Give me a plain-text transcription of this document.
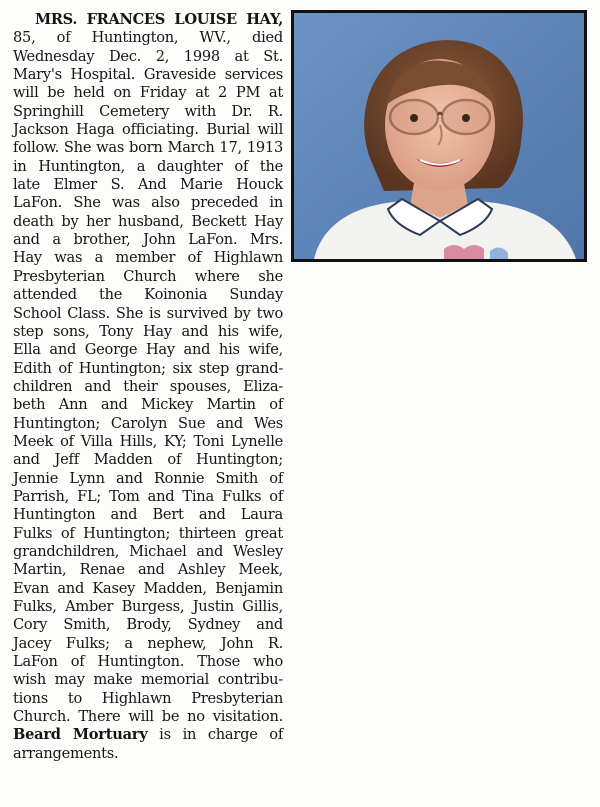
MRS. FRANCES LOUISE HAY,
85, of Huntington, WV., died
Wednesday Dec. 2, 1998 at St.
Mary's Hospital. Graveside services
will be held on Friday at 2 PM at
Springhill Cemetery with Dr. R.
Jackson Haga officiating. Burial will
follow. She was born March 17, 1913
in Huntington, a daughter of the
late Elmer S. And Marie Houck
LaFon. She was also preceded in
death by her husband, Beckett Hay
and a brother, John LaFon. Mrs.
Hay was a member of Highlawn
Presbyterian Church where she
attended the Koinonia Sunday
School Class. She is survived by two
step sons, Tony Hay and his wife,
Ella and George Hay and his wife,
Edith of Huntington; six step grand-
children and their spouses, Eliza-
beth Ann and Mickey Martin of
Huntington; Carolyn Sue and Wes
Meek of Villa Hills, KY; Toni Lynelle
and Jeff Madden of Huntington;
Jennie Lynn and Ronnie Smith of
Parrish, FL; Tom and Tina Fulks of
Huntington and Bert and Laura
Fulks of Huntington; thirteen great
grandchildren, Michael and Wesley
Martin, Renae and Ashley Meek,
Evan and Kasey Madden, Benjamin
Fulks, Amber Burgess, Justin Gillis,
Cory Smith, Brody, Sydney and
Jacey Fulks; a nephew, John R.
LaFon of Huntington. Those who
wish may make memorial contribu-
tions to Highlawn Presbyterian
Church. There will be no visitation.
Beard Mortuary is in charge of
arrangements.
